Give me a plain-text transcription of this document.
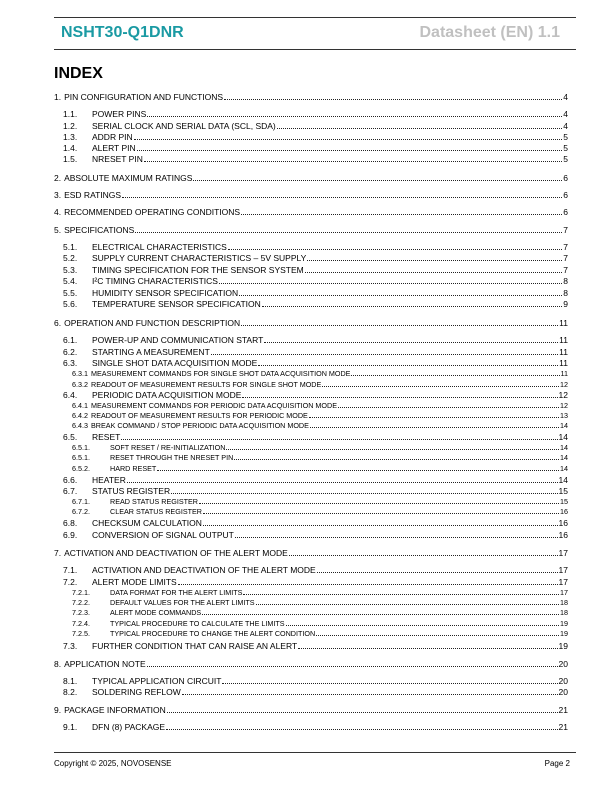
NSHT30-Q1DNR	Datasheet (EN) 1.1
INDEX
1. PIN CONFIGURATION AND FUNCTIONS	4
1.1.	POWER PINS	4
1.2.	SERIAL CLOCK AND SERIAL DATA (SCL, SDA)	4
1.3.	ADDR PIN	5
1.4.	ALERT PIN	5
1.5.	NRESET PIN	5
2. ABSOLUTE MAXIMUM RATINGS	6
3. ESD RATINGS	6
4. RECOMMENDED OPERATING CONDITIONS	6
5. SPECIFICATIONS	7
5.1.	ELECTRICAL CHARACTERISTICS	7
5.2.	SUPPLY CURRENT CHARACTERISTICS – 5V SUPPLY	7
5.3.	TIMING SPECIFICATION FOR THE SENSOR SYSTEM	7
5.4.	I²C TIMING CHARACTERISTICS	8
5.5.	HUMIDITY SENSOR SPECIFICATION	8
5.6.	TEMPERATURE SENSOR SPECIFICATION	9
6. OPERATION AND FUNCTION DESCRIPTION	11
6.1.	POWER-UP AND COMMUNICATION START	11
6.2.	STARTING A MEASUREMENT	11
6.3.	SINGLE SHOT DATA ACQUISITION MODE	11
6.3.1 MEASUREMENT COMMANDS FOR SINGLE SHOT DATA ACQUISITION MODE	11
6.3.2 READOUT OF MEASUREMENT RESULTS FOR SINGLE SHOT MODE	12
6.4.	PERIODIC DATA ACQUISITION MODE	12
6.4.1 MEASUREMENT COMMANDS FOR PERIODIC DATA ACQUISITION MODE	12
6.4.2 READOUT OF MEASUREMENT RESULTS FOR PERIODIC MODE	13
6.4.3 BREAK COMMAND / STOP PERIODIC DATA ACQUISITION MODE	14
6.5.	RESET	14
6.5.1.	SOFT RESET / RE-INITIALIZATION	14
6.5.1.	RESET THROUGH THE NRESET PIN	14
6.5.2.	HARD RESET	14
6.6.	HEATER	14
6.7.	STATUS REGISTER	15
6.7.1.	READ STATUS REGISTER	15
6.7.2.	CLEAR STATUS REGISTER	16
6.8.	CHECKSUM CALCULATION	16
6.9.	CONVERSION OF SIGNAL OUTPUT	16
7. ACTIVATION AND DEACTIVATION OF THE ALERT MODE	17
7.1.	ACTIVATION AND DEACTIVATION OF THE ALERT MODE	17
7.2.	ALERT MODE LIMITS	17
7.2.1.	DATA FORMAT FOR THE ALERT LIMITS	17
7.2.2.	DEFAULT VALUES FOR THE ALERT LIMITS	18
7.2.3.	ALERT MODE COMMANDS	18
7.2.4.	TYPICAL PROCEDURE TO CALCULATE THE LIMITS	19
7.2.5.	TYPICAL PROCEDURE TO CHANGE THE ALERT CONDITION	19
7.3.	FURTHER CONDITION THAT CAN RAISE AN ALERT	19
8. APPLICATION NOTE	20
8.1.	TYPICAL APPLICATION CIRCUIT	20
8.2.	SOLDERING REFLOW	20
9. PACKAGE INFORMATION	21
9.1.	DFN (8) PACKAGE	21
Copyright © 2025, NOVOSENSE	Page 2
